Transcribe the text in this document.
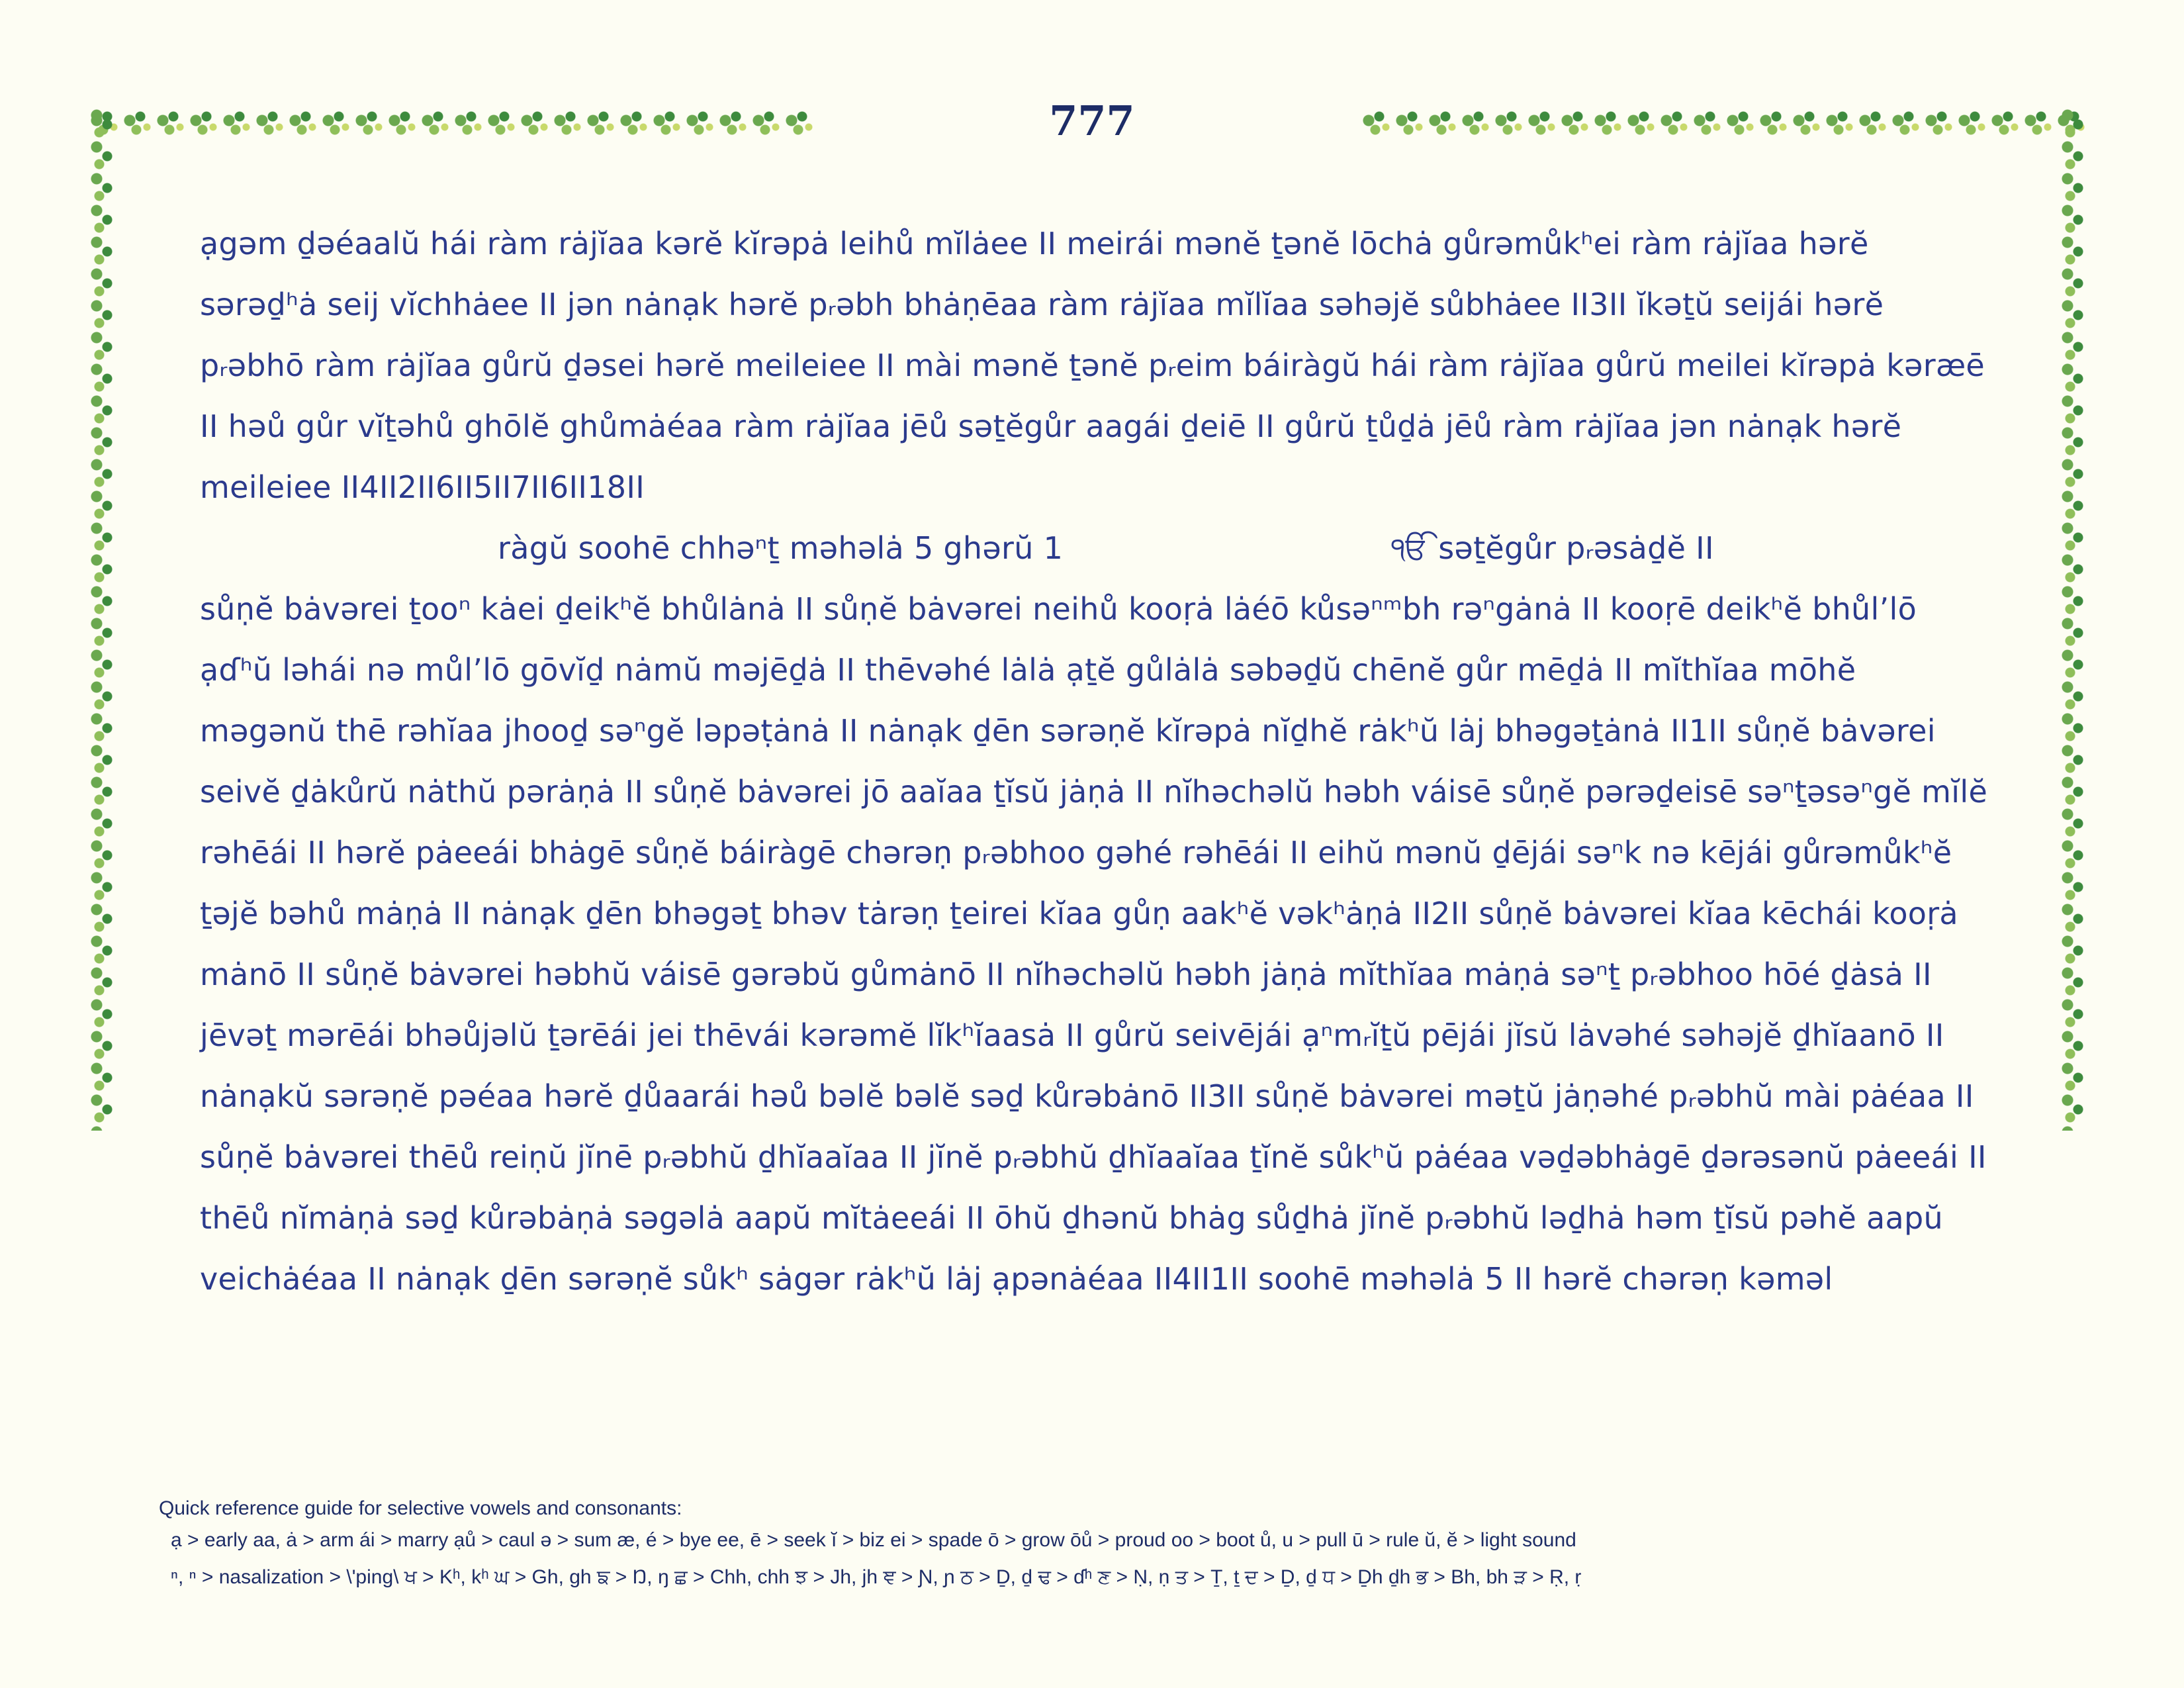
777
ạgəm ḏəéaalŭ hái ràm rȧjĭaa kərĕ kĭrəpȧ leihů mĭlȧee II meirái mənĕ ṯənĕ lōchȧ gůrəmůkʰei ràm rȧjĭaa hərĕ
sərəḏʰȧ seij vĭchhȧee II jən nȧnạk hərĕ pᵣəbh bhȧṇēaa ràm rȧjĭaa mĭlĭaa səhəjĕ sůbhȧee II3II ĭkəṯŭ seijái hərĕ
pᵣəbhō ràm rȧjĭaa gůrŭ ḏəsei hərĕ meileiee II mài mənĕ ṯənĕ pᵣeim báiràgŭ hái ràm rȧjĭaa gůrŭ meilei kĭrəpȧ kəræē
II həů gůr vĭṯəhů ghōlĕ ghůmȧéaa ràm rȧjĭaa jēů səṯĕgůr aagái ḏeiē II gůrŭ ṯůḏȧ jēů ràm rȧjĭaa jən nȧnạk hərĕ
meileiee II4II2II6II5II7II6II18II
ràgŭ soohē chhəⁿṯ məhəlȧ 5 ghərŭ 1	ੴ səṯĕgůr pᵣəsȧḏĕ II
sůṇĕ bȧvərei ṯooⁿ kȧei ḏeikʰĕ bhůlȧnȧ II sůṇĕ bȧvərei neihů kooṛȧ lȧéō kůsəⁿᵐbh rəⁿgȧnȧ II kooṛē deikʰĕ bhůl’lō
ạɗʰŭ ləhái nə můl’lō gōvĭḏ nȧmŭ məjēḏȧ II thēvəhé lȧlȧ ạṯĕ gůlȧlȧ səbəḏŭ chēnĕ gůr mēḏȧ II mĭthĭaa mōhĕ
məgənŭ thē rəhĭaa jhooḏ səⁿgĕ ləpəṭȧnȧ II nȧnạk ḏēn sərəṇĕ kĭrəpȧ nĭḏhĕ rȧkʰŭ lȧj bhəgəṯȧnȧ II1II sůṇĕ bȧvərei
seivĕ ḏȧkůrŭ nȧthŭ pərȧṇȧ II sůṇĕ bȧvərei jō aaĭaa ṯĭsŭ jȧṇȧ II nĭhəchəlŭ həbh váisē sůṇĕ pərəḏeisē səⁿṯəsəⁿgĕ mĭlĕ
rəhēái II hərĕ pȧeeái bhȧgē sůṇĕ báiràgē chərəṇ pᵣəbhoo gəhé rəhēái II eihŭ mənŭ ḏējái səⁿk nə kējái gůrəmůkʰĕ
ṯəjĕ bəhů mȧṇȧ II nȧnạk ḏēn bhəgəṯ bhəv tȧrəṇ ṯeirei kĭaa gůṇ aakʰĕ vəkʰȧṇȧ II2II sůṇĕ bȧvərei kĭaa kēchái kooṛȧ
mȧnō II sůṇĕ bȧvərei həbhŭ váisē gərəbŭ gůmȧnō II nĭhəchəlŭ həbh jȧṇȧ mĭthĭaa mȧṇȧ səⁿṯ pᵣəbhoo hōé ḏȧsȧ II
jēvəṯ mərēái bhəůjəlŭ ṯərēái jei thēvái kərəmĕ lĭkʰĭaasȧ II gůrŭ seivējái ạⁿmᵣĭṯŭ pējái jĭsŭ lȧvəhé səhəjĕ ḏhĭaanō II
nȧnạkŭ sərəṇĕ pəéaa hərĕ ḏůaarái həů bəlĕ bəlĕ səḏ kůrəbȧnō II3II sůṇĕ bȧvərei məṯŭ jȧṇəhé pᵣəbhŭ mài pȧéaa II
sůṇĕ bȧvərei thēů reiṇŭ jĭnē pᵣəbhŭ ḏhĭaaĭaa II jĭnĕ pᵣəbhŭ ḏhĭaaĭaa ṯĭnĕ sůkʰŭ pȧéaa vəḏəbhȧgē ḏərəsənŭ pȧeeái II
thēů nĭmȧṇȧ səḏ kůrəbȧṇȧ səgəlȧ aapŭ mĭtȧeeái II ōhŭ ḏhənŭ bhȧg sůḏhȧ jĭnĕ pᵣəbhŭ ləḏhȧ həm ṯĭsŭ pəhĕ aapŭ
veichȧéaa II nȧnạk ḏēn sərəṇĕ sůkʰ sȧgər rȧkʰŭ lȧj ạpənȧéaa II4II1II soohē məhəlȧ 5 II hərĕ chərəṇ kəməl
Quick reference guide for selective vowels and consonants:
ạ > early aa, ȧ > arm ái > marry ạů > caul ə > sum æ, é > bye ee, ē > seek ĭ > biz ei > spade ō > grow ōů > proud oo > boot ů, u > pull ū > rule ŭ, ĕ > light sound
ⁿ, ⁿ > nasalization > \'ping\ ਖ > Kʰ, kʰ ਘ > Gh, gh ਙ > Ŋ, ŋ ਛ > Chh, chh ਝ > Jh, jh ਞ > Ɲ, ɲ ਠ > Ḏ, ḏ ਢ > ɗʰ ਣ > Ṇ, ṇ ਤ > Ṯ, ṯ ਦ > Ḏ, ḏ ਧ > Ḏh ḏh ਭ > Bh, bh ੜ > Ṛ, ṛ
